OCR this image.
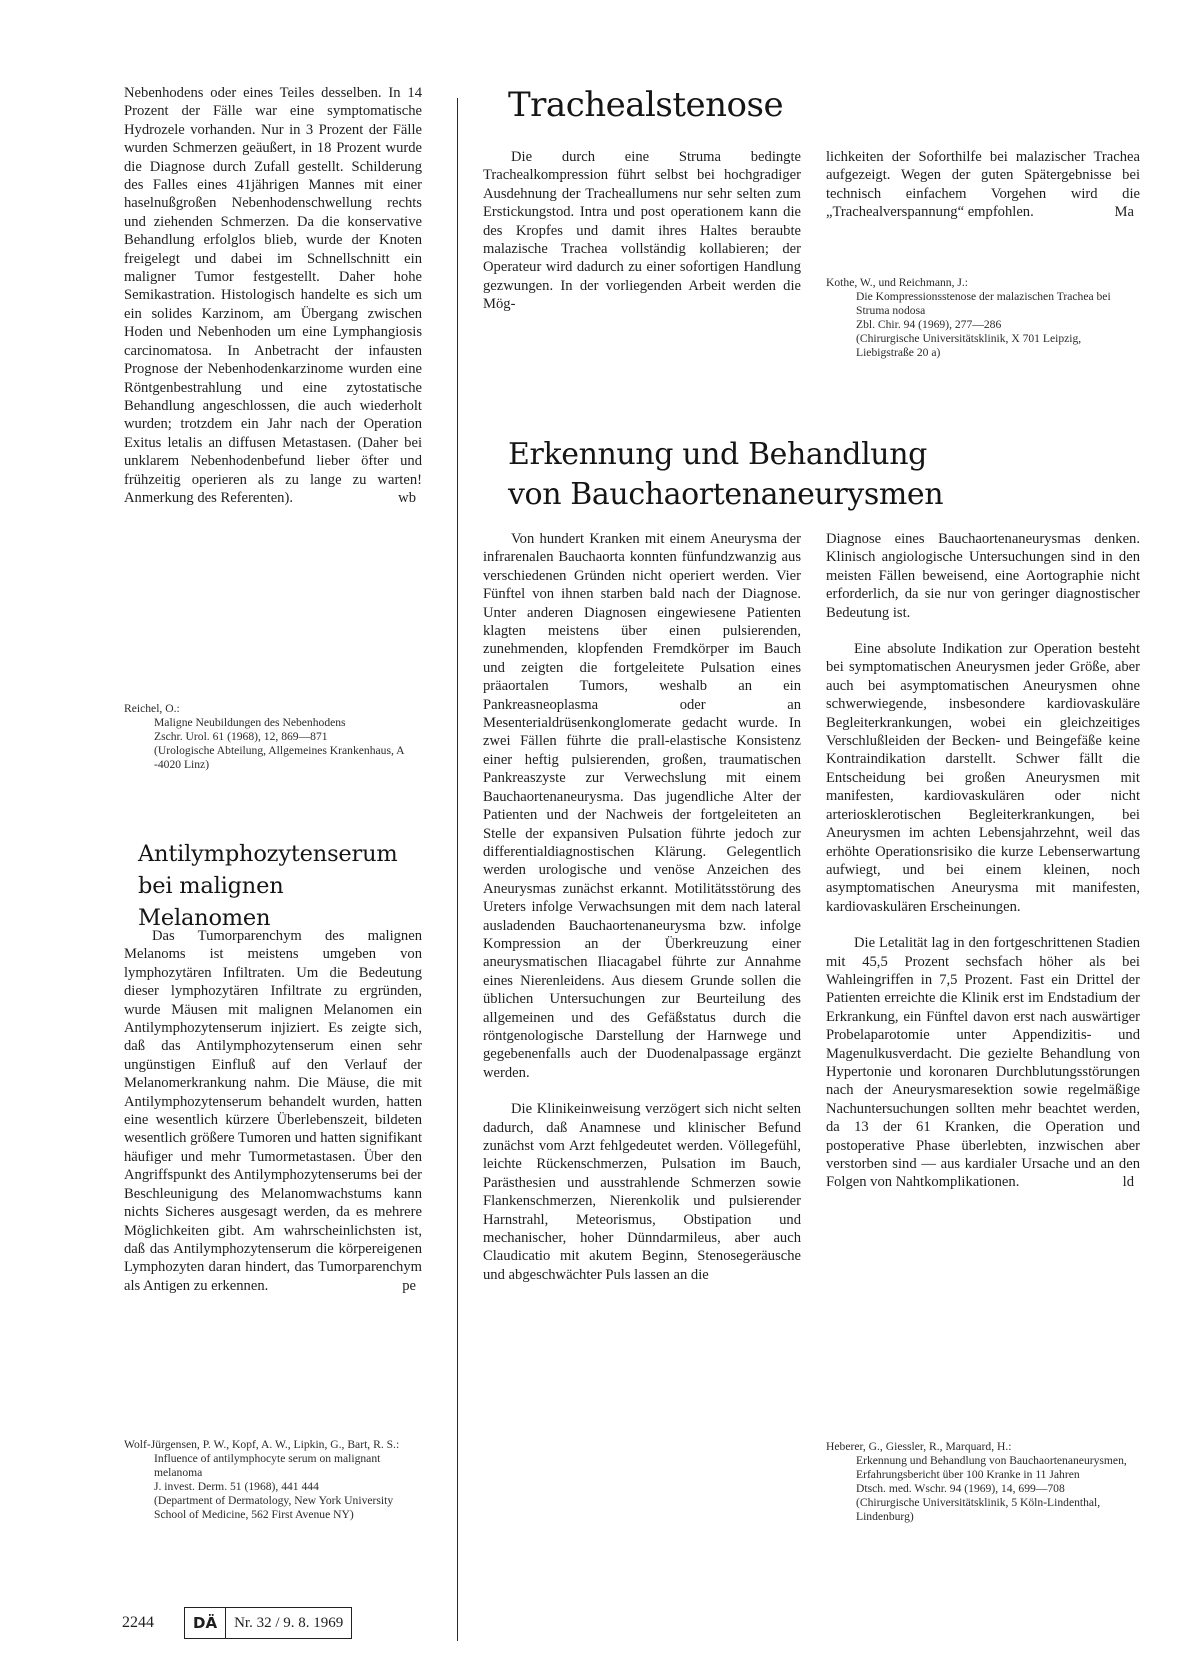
Nebenhodens oder eines Teiles desselben. In 14 Prozent der Fälle war eine symptomatische Hydrozele vorhanden. Nur in 3 Prozent der Fälle wurden Schmerzen geäußert, in 18 Prozent wurde die Diagnose durch Zufall gestellt. Schilderung des Falles eines 41jährigen Mannes mit einer haselnußgroßen Nebenhodenschwellung rechts und ziehenden Schmerzen. Da die konservative Behandlung erfolglos blieb, wurde der Knoten freigelegt und dabei im Schnellschnitt ein maligner Tumor festgestellt. Daher hohe Semikastration. Histologisch handelte es sich um ein solides Karzinom, am Übergang zwischen Hoden und Nebenhoden um eine Lymphangiosis carcinomatosa. In Anbetracht der infausten Prognose der Nebenhodenkarzinome wurden eine Röntgenbestrahlung und eine zytostatische Behandlung angeschlossen, die auch wiederholt wurden; trotzdem ein Jahr nach der Operation Exitus letalis an diffusen Metastasen. (Daher bei unklarem Nebenhodenbefund lieber öfter und frühzeitig operieren als zu lange zu warten! Anmerkung des Referenten).	wb

Reichel, O.:
Maligne Neubildungen des Nebenhodens
Zschr. Urol. 61 (1968), 12, 869—871
(Urologische Abteilung, Allgemeines Krankenhaus, A -4020 Linz)
Antilymphozytenserum
bei malignen Melanomen

Das Tumorparenchym des malignen Melanoms ist meistens umgeben von lymphozytären Infiltraten. Um die Bedeutung dieser lymphozytären Infiltrate zu ergründen, wurde Mäusen mit malignen Melanomen ein Antilymphozytenserum injiziert. Es zeigte sich, daß das Antilymphozytenserum einen sehr ungünstigen Einfluß auf den Verlauf der Melanomerkrankung nahm. Die Mäuse, die mit Antilymphozytenserum behandelt wurden, hatten eine wesentlich kürzere Überlebenszeit, bildeten wesentlich größere Tumoren und hatten signifikant häufiger und mehr Tumormetastasen. Über den Angriffspunkt des Antilymphozytenserums bei der Beschleunigung des Melanomwachstums kann nichts Sicheres ausgesagt werden, da es mehrere Möglichkeiten gibt. Am wahrscheinlichsten ist, daß das Antilymphozytenserum die körpereigenen Lymphozyten daran hindert, das Tumorparenchym als Antigen zu erkennen.	pe

Wolf-Jürgensen, P. W., Kopf, A. W., Lipkin, G., Bart, R. S.:
Influence of antilymphocyte serum on malignant melanoma
J. invest. Derm. 51 (1968), 441 444
(Department of Dermatology, New York University School of Medicine, 562 First Avenue NY)
Trachealstenose

Die durch eine Struma bedingte Trachealkompression führt selbst bei hochgradiger Ausdehnung der Tracheallumens nur sehr selten zum Erstickungstod. Intra und post operationem kann die des Kropfes und damit ihres Haltes beraubte malazische Trachea vollständig kollabieren; der Operateur wird dadurch zu einer sofortigen Handlung gezwungen. In der vorliegenden Arbeit werden die Mög-

lichkeiten der Soforthilfe bei malazischer Trachea aufgezeigt. Wegen der guten Spätergebnisse bei technisch einfachem Vorgehen wird die „Trachealverspannung“ empfohlen.	Ma

Kothe, W., und Reichmann, J.:
Die Kompressionsstenose der malazischen Trachea bei Struma nodosa
Zbl. Chir. 94 (1969), 277—286
(Chirurgische Universitätsklinik, X 701 Leipzig, Liebigstraße 20 a)
Erkennung und Behandlung
von Bauchaortenaneurysmen

Von hundert Kranken mit einem Aneurysma der infrarenalen Bauchaorta konnten fünfundzwanzig aus verschiedenen Gründen nicht operiert werden. Vier Fünftel von ihnen starben bald nach der Diagnose. Unter anderen Diagnosen eingewiesene Patienten klagten meistens über einen pulsierenden, zunehmenden, klopfenden Fremdkörper im Bauch und zeigten die fortgeleitete Pulsation eines präaortalen Tumors, weshalb an ein Pankreasneoplasma oder an Mesenterialdrüsenkonglomerate gedacht wurde. In zwei Fällen führte die prall-elastische Konsistenz einer heftig pulsierenden, großen, traumatischen Pankreaszyste zur Verwechslung mit einem Bauchaortenaneurysma. Das jugendliche Alter der Patienten und der Nachweis der fortgeleiteten an Stelle der expansiven Pulsation führte jedoch zur differentialdiagnostischen Klärung. Gelegentlich werden urologische und venöse Anzeichen des Aneurysmas zunächst erkannt. Motilitätsstörung des Ureters infolge Verwachsungen mit dem nach lateral ausladenden Bauchaortenaneurysma bzw. infolge Kompression an der Überkreuzung einer aneurysmatischen Iliacagabel führte zur Annahme eines Nierenleidens. Aus diesem Grunde sollen die üblichen Untersuchungen zur Beurteilung des allgemeinen und des Gefäßstatus durch die röntgenologische Darstellung der Harnwege und gegebenenfalls auch der Duodenalpassage ergänzt werden.

Die Klinikeinweisung verzögert sich nicht selten dadurch, daß Anamnese und klinischer Befund zunächst vom Arzt fehlgedeutet werden. Völlegefühl, leichte Rückenschmerzen, Pulsation im Bauch, Parästhesien und ausstrahlende Schmerzen sowie Flankenschmerzen, Nierenkolik und pulsierender Harnstrahl, Meteorismus, Obstipation und mechanischer, hoher Dünndarmileus, aber auch Claudicatio mit akutem Beginn, Stenosegeräusche und abgeschwächter Puls lassen an die

Diagnose eines Bauchaortenaneurysmas denken. Klinisch angiologische Untersuchungen sind in den meisten Fällen beweisend, eine Aortographie nicht erforderlich, da sie nur von geringer diagnostischer Bedeutung ist.

Eine absolute Indikation zur Operation besteht bei symptomatischen Aneurysmen jeder Größe, aber auch bei asymptomatischen Aneurysmen ohne schwerwiegende, insbesondere kardiovaskuläre Begleiterkrankungen, wobei ein gleichzeitiges Verschlußleiden der Becken- und Beingefäße keine Kontraindikation darstellt. Schwer fällt die Entscheidung bei großen Aneurysmen mit manifesten, kardiovaskulären oder nicht arteriosklerotischen Begleiterkrankungen, bei Aneurysmen im achten Lebensjahrzehnt, weil das erhöhte Operationsrisiko die kurze Lebenserwartung aufwiegt, und bei einem kleinen, noch asymptomatischen Aneurysma mit manifesten, kardiovaskulären Erscheinungen.

Die Letalität lag in den fortgeschrittenen Stadien mit 45,5 Prozent sechsfach höher als bei Wahleingriffen in 7,5 Prozent. Fast ein Drittel der Patienten erreichte die Klinik erst im Endstadium der Erkrankung, ein Fünftel davon erst nach auswärtiger Probelaparotomie unter Appendizitis- und Magenulkusverdacht. Die gezielte Behandlung von Hypertonie und koronaren Durchblutungsstörungen nach der Aneurysmaresektion sowie regelmäßige Nachuntersuchungen sollten mehr beachtet werden, da 13 der 61 Kranken, die Operation und postoperative Phase überlebten, inzwischen aber verstorben sind — aus kardialer Ursache und an den Folgen von Nahtkomplikationen.	ld

Heberer, G., Giessler, R., Marquard, H.:
Erkennung und Behandlung von Bauchaortenaneurysmen, Erfahrungsbericht über 100 Kranke in 11 Jahren
Dtsch. med. Wschr. 94 (1969), 14, 699—708
(Chirurgische Universitätsklinik, 5 Köln-Lindenthal, Lindenburg)
2244	DÄ	Nr. 32 / 9. 8. 1969
